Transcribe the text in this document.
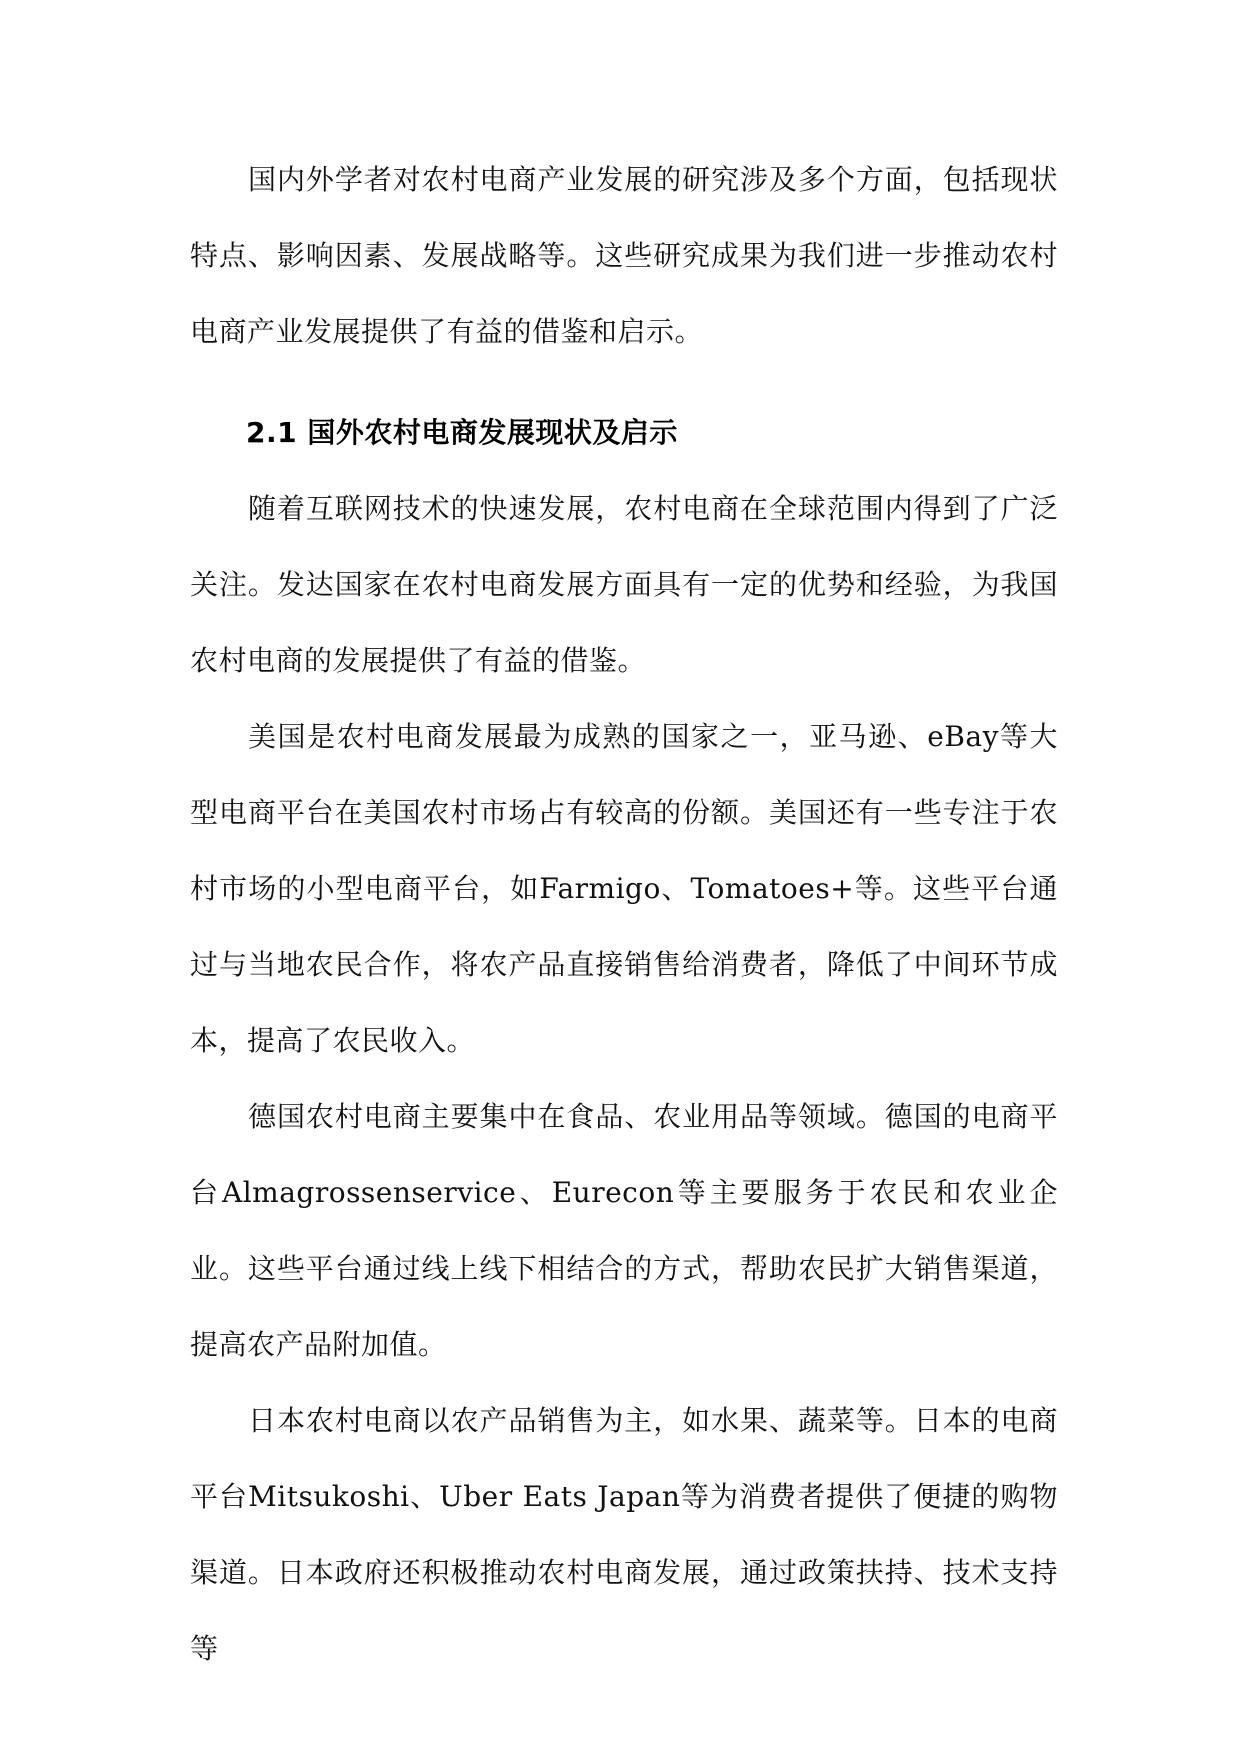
国内外学者对农村电商产业发展的研究涉及多个方面，包括现状特点、影响因素、发展战略等。这些研究成果为我们进一步推动农村电商产业发展提供了有益的借鉴和启示。

2.1 国外农村电商发展现状及启示

随着互联网技术的快速发展，农村电商在全球范围内得到了广泛关注。发达国家在农村电商发展方面具有一定的优势和经验，为我国农村电商的发展提供了有益的借鉴。

美国是农村电商发展最为成熟的国家之一，亚马逊、eBay等大型电商平台在美国农村市场占有较高的份额。美国还有一些专注于农村市场的小型电商平台，如Farmigo、Tomatoes+等。这些平台通过与当地农民合作，将农产品直接销售给消费者，降低了中间环节成本，提高了农民收入。

德国农村电商主要集中在食品、农业用品等领域。德国的电商平台Almagrossenservice、Eurecon等主要服务于农民和农业企业。这些平台通过线上线下相结合的方式，帮助农民扩大销售渠道，提高农产品附加值。

日本农村电商以农产品销售为主，如水果、蔬菜等。日本的电商平台Mitsukoshi、Uber Eats Japan等为消费者提供了便捷的购物渠道。日本政府还积极推动农村电商发展，通过政策扶持、技术支持等
